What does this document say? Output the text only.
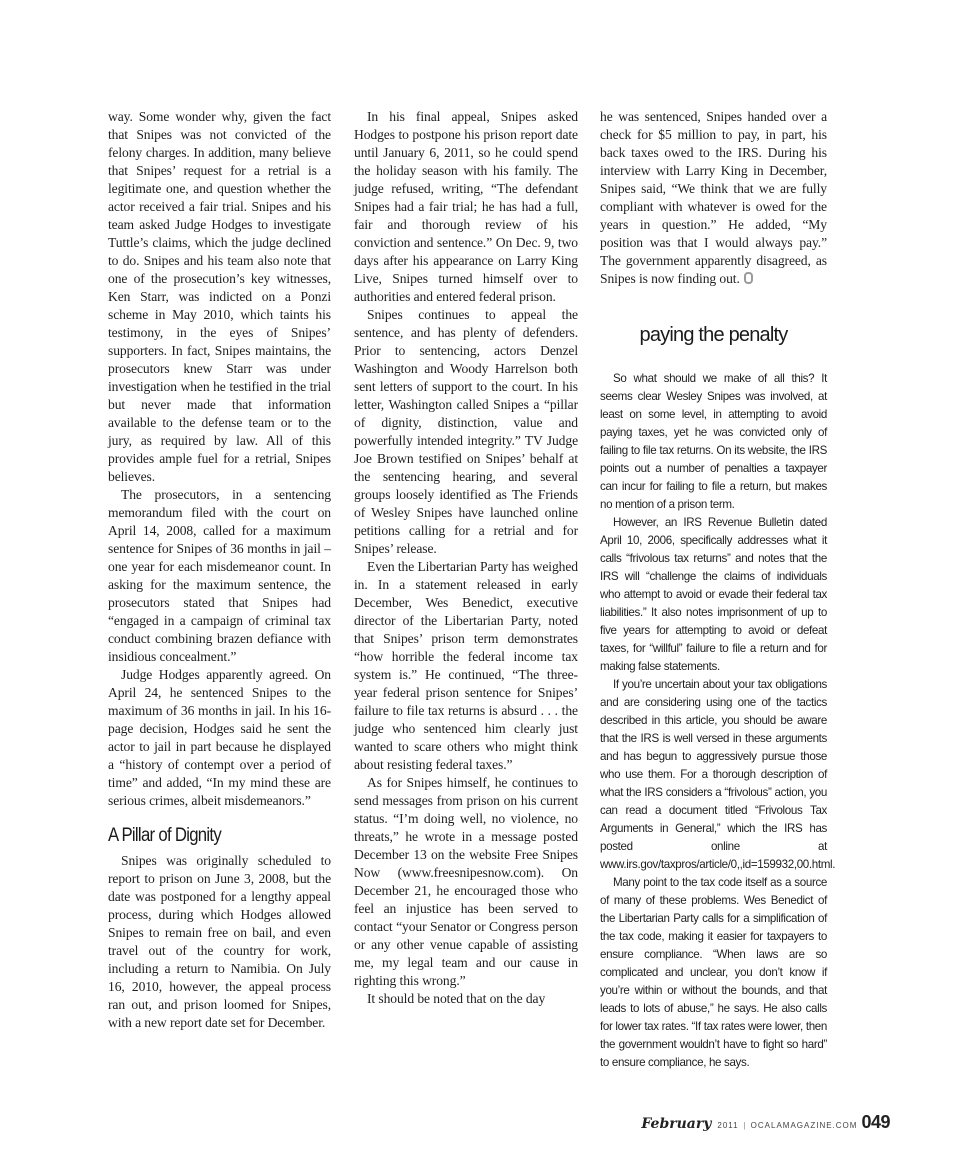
way. Some wonder why, given the fact that Snipes was not convicted of the felony charges. In addition, many believe that Snipes’ request for a retrial is a legitimate one, and question whether the actor received a fair trial. Snipes and his team asked Judge Hodges to investigate Tuttle’s claims, which the judge declined to do. Snipes and his team also note that one of the prosecution’s key witnesses, Ken Starr, was indicted on a Ponzi scheme in May 2010, which taints his testimony, in the eyes of Snipes’ supporters. In fact, Snipes maintains, the prosecutors knew Starr was under investigation when he testified in the trial but never made that information available to the defense team or to the jury, as required by law. All of this provides ample fuel for a retrial, Snipes believes.

The prosecutors, in a sentencing memorandum filed with the court on April 14, 2008, called for a maximum sentence for Snipes of 36 months in jail – one year for each misdemeanor count. In asking for the maximum sentence, the prosecutors stated that Snipes had “engaged in a campaign of criminal tax conduct combining brazen defiance with insidious concealment.”

Judge Hodges apparently agreed. On April 24, he sentenced Snipes to the maximum of 36 months in jail. In his 16-page decision, Hodges said he sent the actor to jail in part because he displayed a “history of contempt over a period of time” and added, “In my mind these are serious crimes, albeit misdemeanors.”

A Pillar of Dignity

Snipes was originally scheduled to report to prison on June 3, 2008, but the date was postponed for a lengthy appeal process, during which Hodges allowed Snipes to remain free on bail, and even travel out of the country for work, including a return to Namibia. On July 16, 2010, however, the appeal process ran out, and prison loomed for Snipes, with a new report date set for December.

In his final appeal, Snipes asked Hodges to postpone his prison report date until January 6, 2011, so he could spend the holiday season with his family. The judge refused, writing, “The defendant Snipes had a fair trial; he has had a full, fair and thorough review of his conviction and sentence.” On Dec. 9, two days after his appearance on Larry King Live, Snipes turned himself over to authorities and entered federal prison.

Snipes continues to appeal the sentence, and has plenty of defenders. Prior to sentencing, actors Denzel Washington and Woody Harrelson both sent letters of support to the court. In his letter, Washington called Snipes a “pillar of dignity, distinction, value and powerfully intended integrity.” TV Judge Joe Brown testified on Snipes’ behalf at the sentencing hearing, and several groups loosely identified as The Friends of Wesley Snipes have launched online petitions calling for a retrial and for Snipes’ release.

Even the Libertarian Party has weighed in. In a statement released in early December, Wes Benedict, executive director of the Libertarian Party, noted that Snipes’ prison term demonstrates “how horrible the federal income tax system is.” He continued, “The three-year federal prison sentence for Snipes’ failure to file tax returns is absurd . . . the judge who sentenced him clearly just wanted to scare others who might think about resisting federal taxes.”

As for Snipes himself, he continues to send messages from prison on his current status. “I’m doing well, no violence, no threats,” he wrote in a message posted December 13 on the website Free Snipes Now (www.freesnipesnow.com). On December 21, he encouraged those who feel an injustice has been served to contact “your Senator or Congress person or any other venue capable of assisting me, my legal team and our cause in righting this wrong.”

It should be noted that on the day

he was sentenced, Snipes handed over a check for $5 million to pay, in part, his back taxes owed to the IRS. During his interview with Larry King in December, Snipes said, “We think that we are fully compliant with whatever is owed for the years in question.” He added, “My position was that I would always pay.” The government apparently disagreed, as Snipes is now finding out.

paying the penalty

So what should we make of all this? It seems clear Wesley Snipes was involved, at least on some level, in attempting to avoid paying taxes, yet he was convicted only of failing to file tax returns. On its website, the IRS points out a number of penalties a taxpayer can incur for failing to file a return, but makes no mention of a prison term.

However, an IRS Revenue Bulletin dated April 10, 2006, specifically addresses what it calls “frivolous tax returns” and notes that the IRS will “challenge the claims of individuals who attempt to avoid or evade their federal tax liabilities.” It also notes imprisonment of up to five years for attempting to avoid or defeat taxes, for “willful” failure to file a return and for making false statements.

If you’re uncertain about your tax obligations and are considering using one of the tactics described in this article, you should be aware that the IRS is well versed in these arguments and has begun to aggressively pursue those who use them. For a thorough description of what the IRS considers a “frivolous” action, you can read a document titled “Frivolous Tax Arguments in General,” which the IRS has posted online at www.irs.gov/taxpros/article/0,,id=159932,00.html.

Many point to the tax code itself as a source of many of these problems. Wes Benedict of the Libertarian Party calls for a simplification of the tax code, making it easier for taxpayers to ensure compliance. “When laws are so complicated and unclear, you don’t know if you’re within or without the bounds, and that leads to lots of abuse,” he says. He also calls for lower tax rates. “If tax rates were lower, then the government wouldn’t have to fight so hard” to ensure compliance, he says.

February 2011 | OCALAMAGAZINE.COM 049
